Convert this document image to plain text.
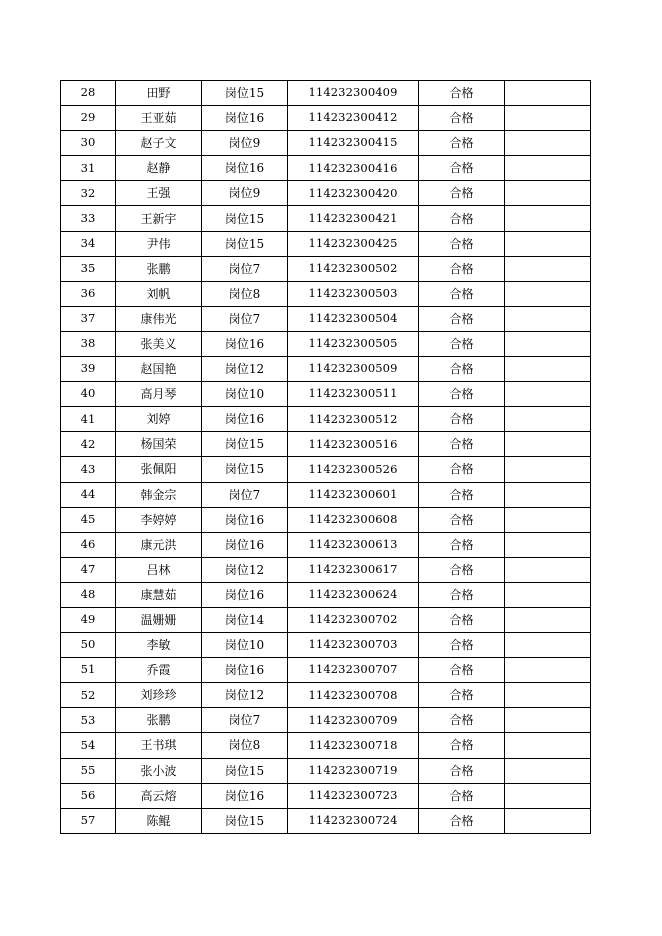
28	田野	岗位15	114232300409	合格	
29	王亚茹	岗位16	114232300412	合格	
30	赵子文	岗位9	114232300415	合格	
31	赵静	岗位16	114232300416	合格	
32	王强	岗位9	114232300420	合格	
33	王新宇	岗位15	114232300421	合格	
34	尹伟	岗位15	114232300425	合格	
35	张鹏	岗位7	114232300502	合格	
36	刘帆	岗位8	114232300503	合格	
37	康伟光	岗位7	114232300504	合格	
38	张美义	岗位16	114232300505	合格	
39	赵国艳	岗位12	114232300509	合格	
40	高月琴	岗位10	114232300511	合格	
41	刘婷	岗位16	114232300512	合格	
42	杨国荣	岗位15	114232300516	合格	
43	张佩阳	岗位15	114232300526	合格	
44	韩金宗	岗位7	114232300601	合格	
45	李婷婷	岗位16	114232300608	合格	
46	康元洪	岗位16	114232300613	合格	
47	吕林	岗位12	114232300617	合格	
48	康慧茹	岗位16	114232300624	合格	
49	温姗姗	岗位14	114232300702	合格	
50	李敏	岗位10	114232300703	合格	
51	乔霞	岗位16	114232300707	合格	
52	刘珍珍	岗位12	114232300708	合格	
53	张鹏	岗位7	114232300709	合格	
54	王书琪	岗位8	114232300718	合格	
55	张小波	岗位15	114232300719	合格	
56	高云熔	岗位16	114232300723	合格	
57	陈鲲	岗位15	114232300724	合格	
